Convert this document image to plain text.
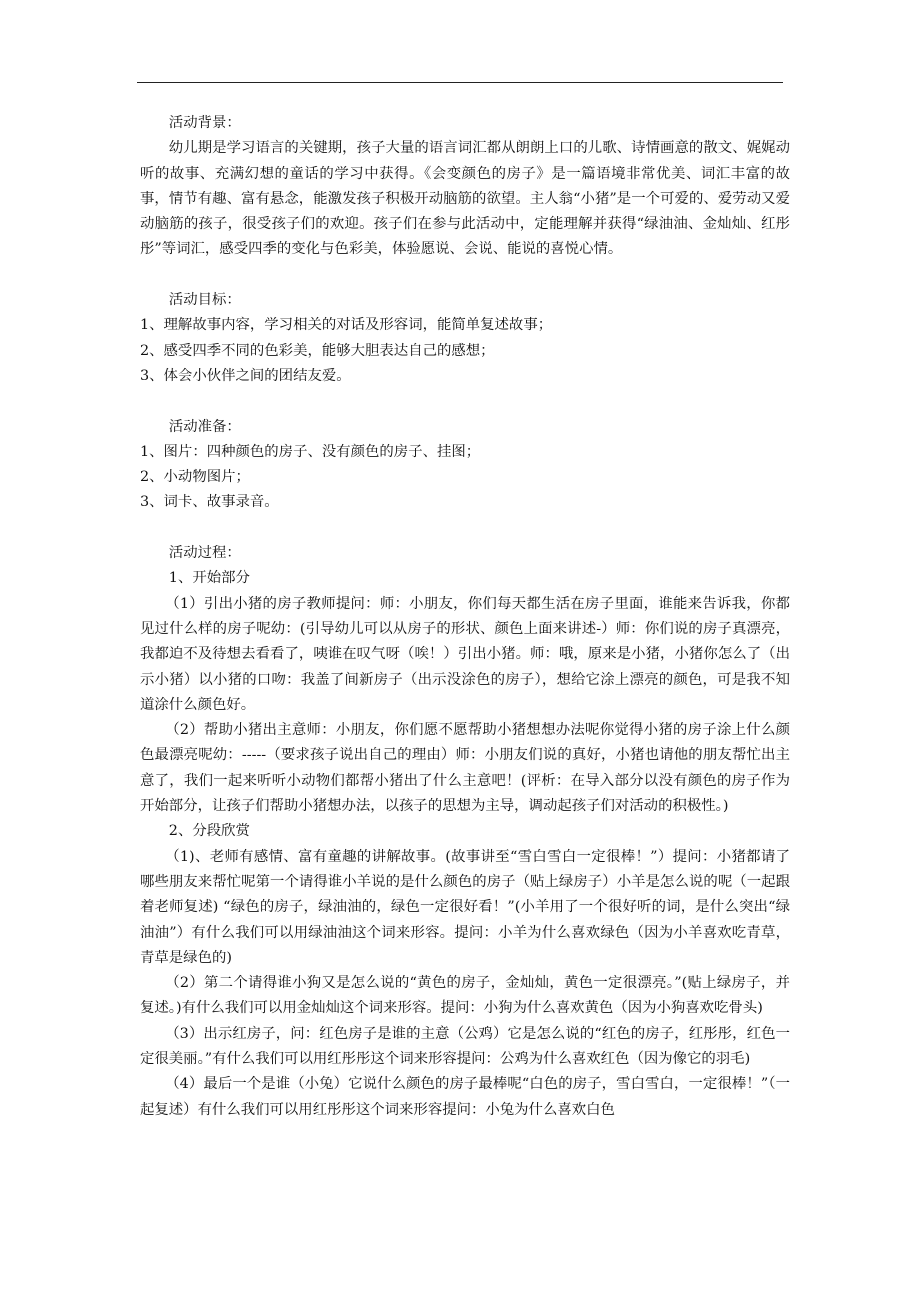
活动背景：

幼儿期是学习语言的关键期，孩子大量的语言词汇都从朗朗上口的儿歌、诗情画意的散文、娓娓动听的故事、充满幻想的童话的学习中获得。《会变颜色的房子》是一篇语境非常优美、词汇丰富的故事，情节有趣、富有悬念，能激发孩子积极开动脑筋的欲望。主人翁“小猪”是一个可爱的、爱劳动又爱动脑筋的孩子，很受孩子们的欢迎。孩子们在参与此活动中，定能理解并获得“绿油油、金灿灿、红彤彤”等词汇，感受四季的变化与色彩美，体验愿说、会说、能说的喜悦心情。

活动目标：

1、理解故事内容，学习相关的对话及形容词，能简单复述故事；

2、感受四季不同的色彩美，能够大胆表达自己的感想；

3、体会小伙伴之间的团结友爱。

活动准备：

1、图片：四种颜色的房子、没有颜色的房子、挂图；

2、小动物图片；

3、词卡、故事录音。

活动过程：

1、开始部分

（1）引出小猪的房子教师提问：师：小朋友，你们每天都生活在房子里面，谁能来告诉我，你都见过什么样的房子呢幼：(引导幼儿可以从房子的形状、颜色上面来讲述-）师：你们说的房子真漂亮，我都迫不及待想去看看了，咦谁在叹气呀（唉！）引出小猪。师：哦，原来是小猪，小猪你怎么了（出示小猪）以小猪的口吻：我盖了间新房子（出示没涂色的房子），想给它涂上漂亮的颜色，可是我不知道涂什么颜色好。

（2）帮助小猪出主意师：小朋友，你们愿不愿帮助小猪想想办法呢你觉得小猪的房子涂上什么颜色最漂亮呢幼：-----（要求孩子说出自己的理由）师：小朋友们说的真好，小猪也请他的朋友帮忙出主意了，我们一起来听听小动物们都帮小猪出了什么主意吧！(评析：在导入部分以没有颜色的房子作为开始部分，让孩子们帮助小猪想办法，以孩子的思想为主导，调动起孩子们对活动的积极性。)

2、分段欣赏

（1)、老师有感情、富有童趣的讲解故事。(故事讲至“雪白雪白一定很棒！”）提问：小猪都请了哪些朋友来帮忙呢第一个请得谁小羊说的是什么颜色的房子（贴上绿房子）小羊是怎么说的呢（一起跟着老师复述) “绿色的房子，绿油油的，绿色一定很好看！”(小羊用了一个很好听的词，是什么突出“绿油油”）有什么我们可以用绿油油这个词来形容。提问：小羊为什么喜欢绿色（因为小羊喜欢吃青草，青草是绿色的)

（2）第二个请得谁小狗又是怎么说的“黄色的房子，金灿灿，黄色一定很漂亮。”(贴上绿房子，并复述。)有什么我们可以用金灿灿这个词来形容。提问：小狗为什么喜欢黄色（因为小狗喜欢吃骨头)

（3）出示红房子，问：红色房子是谁的主意（公鸡）它是怎么说的“红色的房子，红彤彤，红色一定很美丽。”有什么我们可以用红彤彤这个词来形容提问：公鸡为什么喜欢红色（因为像它的羽毛)

（4）最后一个是谁（小兔）它说什么颜色的房子最棒呢“白色的房子，雪白雪白，一定很棒！”（一起复述）有什么我们可以用红彤彤这个词来形容提问：小兔为什么喜欢白色
